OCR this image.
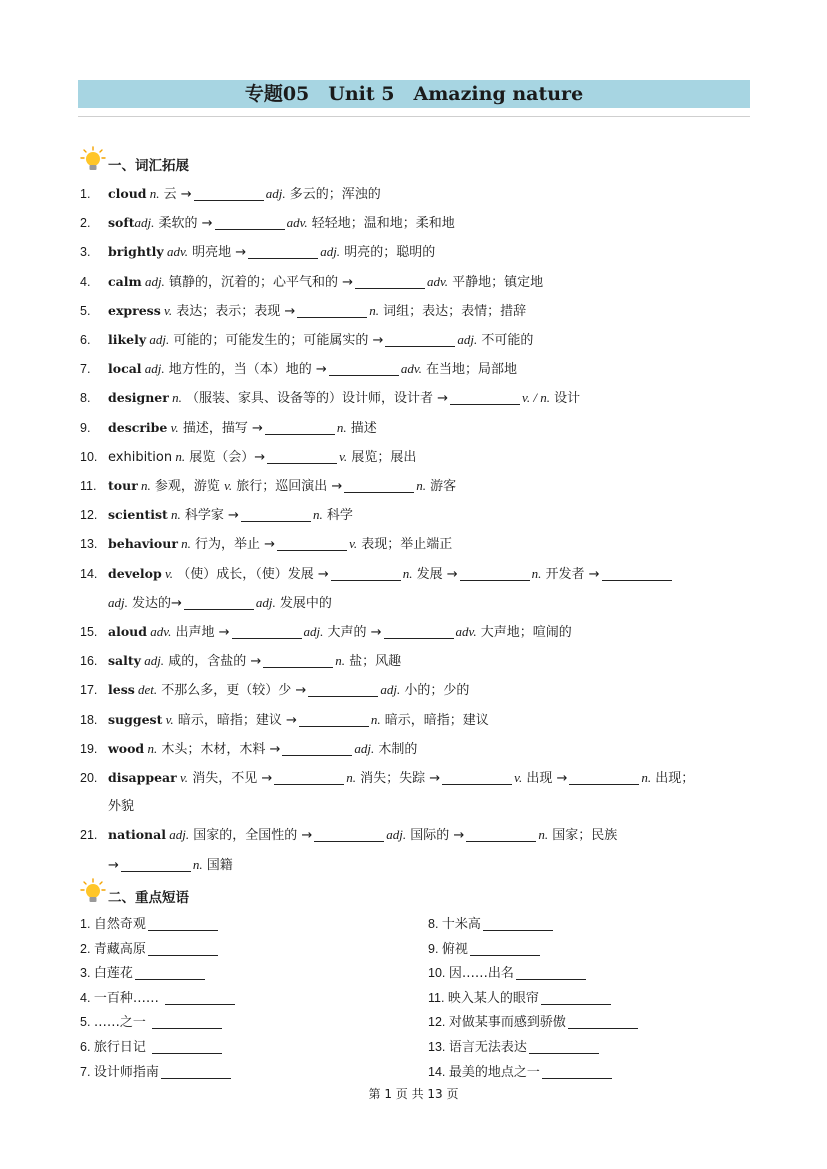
专题05　Unit 5　Amazing nature
一、词汇拓展
1.	cloud n. 云 →	adj. 多云的；浑浊的
2.	softadj. 柔软的 →	adv. 轻轻地；温和地；柔和地
3.	brightly adv. 明亮地 →	adj. 明亮的；聪明的
4.	calm adj. 镇静的，沉着的；心平气和的 →	adv. 平静地；镇定地
5.	express v. 表达；表示；表现 →	n. 词组；表达；表情；措辞
6.	likely adj. 可能的；可能发生的；可能属实的 →	adj. 不可能的
7.	local adj. 地方性的，当（本）地的 →	adv. 在当地；局部地
8.	designer n. （服装、家具、设备等的）设计师，设计者 →	v. / n. 设计
9.	describe v. 描述，描写 →	n. 描述
10. exhibition n. 展览（会）→	v. 展览；展出
11. tour n. 参观，游览 v. 旅行；巡回演出 →	n. 游客
12. scientist n. 科学家 →	n. 科学
13. behaviour n. 行为，举止 →	v. 表现；举止端正
14. develop v. （使）成长，（使）发展 →	n. 发展 →	n. 开发者 →
adj. 发达的→	adj. 发展中的
15. aloud adv. 出声地 →	adj. 大声的 →	adv. 大声地；喧闹的
16. salty adj. 咸的，含盐的 →	n. 盐；风趣
17. less det. 不那么多，更（较）少 →	adj. 小的；少的
18. suggest v. 暗示，暗指；建议 →	n. 暗示，暗指；建议
19. wood n. 木头；木材，木料 →	adj. 木制的
20. disappear v. 消失，不见 →	n. 消失；失踪 →	v. 出现 →	n. 出现；
外貌
21. national adj. 国家的，全国性的 →	adj. 国际的 →	n. 国家；民族
→	n. 国籍
二、重点短语
1. 自然奇观
2. 青藏高原
3. 白莲花
4. 一百种……
5. ……之一
6. 旅行日记
7. 设计师指南
8. 十米高
9. 俯视
10. 因……出名
11. 映入某人的眼帘
12. 对做某事而感到骄傲
13. 语言无法表达
14. 最美的地点之一
第 1 页 共 13 页
